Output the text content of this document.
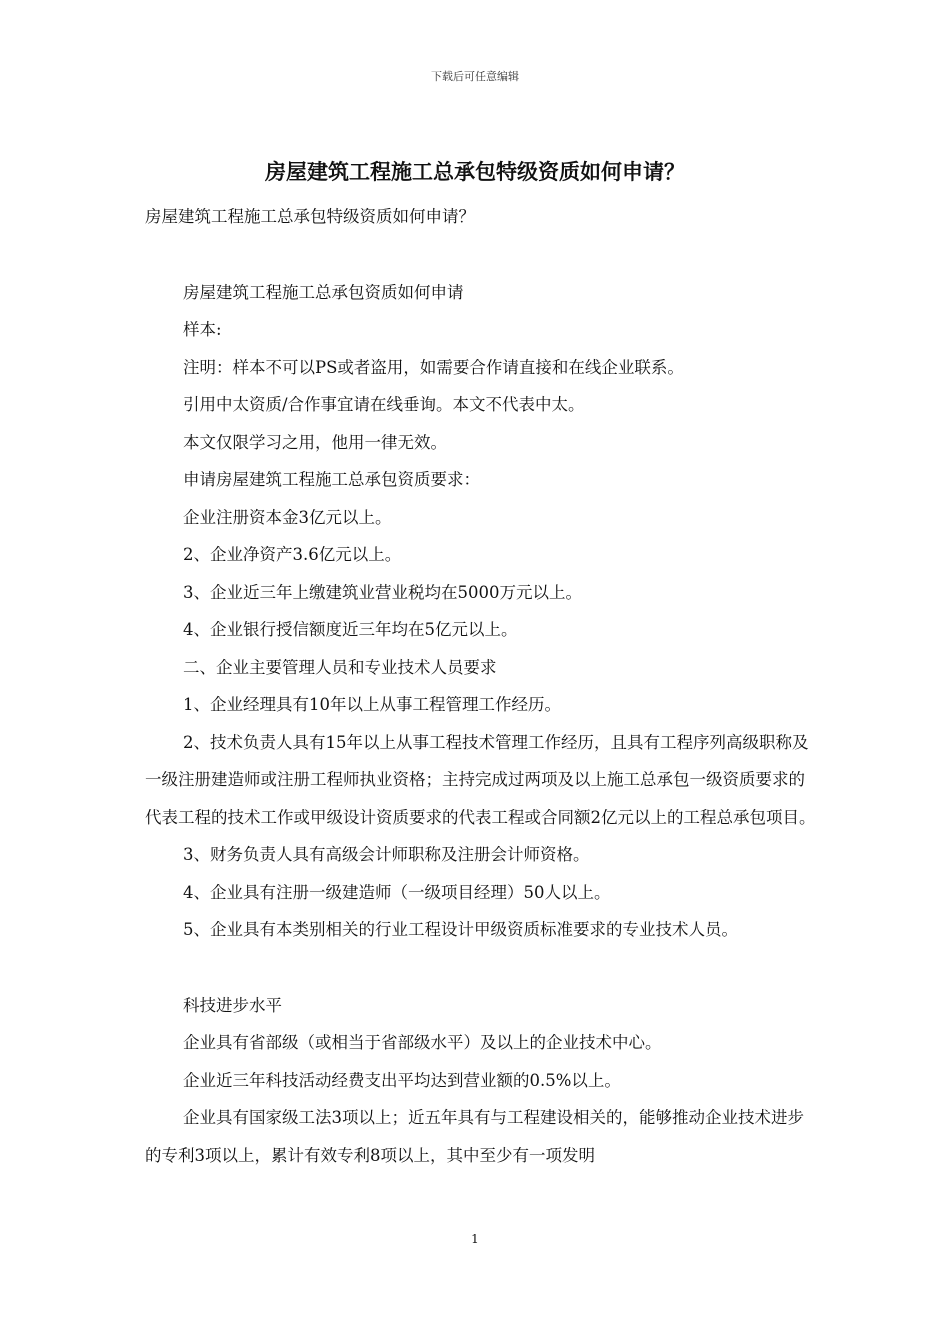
下载后可任意编辑
房屋建筑工程施工总承包特级资质如何申请？

房屋建筑工程施工总承包特级资质如何申请？

房屋建筑工程施工总承包资质如何申请

样本:

注明：样本不可以PS或者盗用，如需要合作请直接和在线企业联系。

引用中太资质/合作事宜请在线垂询。本文不代表中太。

本文仅限学习之用，他用一律无效。

申请房屋建筑工程施工总承包资质要求：

企业注册资本金3亿元以上。

2、企业净资产3.6亿元以上。

3、企业近三年上缴建筑业营业税均在5000万元以上。

4、企业银行授信额度近三年均在5亿元以上。

二、企业主要管理人员和专业技术人员要求

1、企业经理具有10年以上从事工程管理工作经历。

2、技术负责人具有15年以上从事工程技术管理工作经历，且具有工程序列高级职称及一级注册建造师或注册工程师执业资格；主持完成过两项及以上施工总承包一级资质要求的代表工程的技术工作或甲级设计资质要求的代表工程或合同额2亿元以上的工程总承包项目。

3、财务负责人具有高级会计师职称及注册会计师资格。

4、企业具有注册一级建造师（一级项目经理）50人以上。

5、企业具有本类别相关的行业工程设计甲级资质标准要求的专业技术人员。

科技进步水平

企业具有省部级（或相当于省部级水平）及以上的企业技术中心。

企业近三年科技活动经费支出平均达到营业额的0.5%以上。

企业具有国家级工法3项以上；近五年具有与工程建设相关的，能够推动企业技术进步的专利3项以上，累计有效专利8项以上，其中至少有一项发明

1
